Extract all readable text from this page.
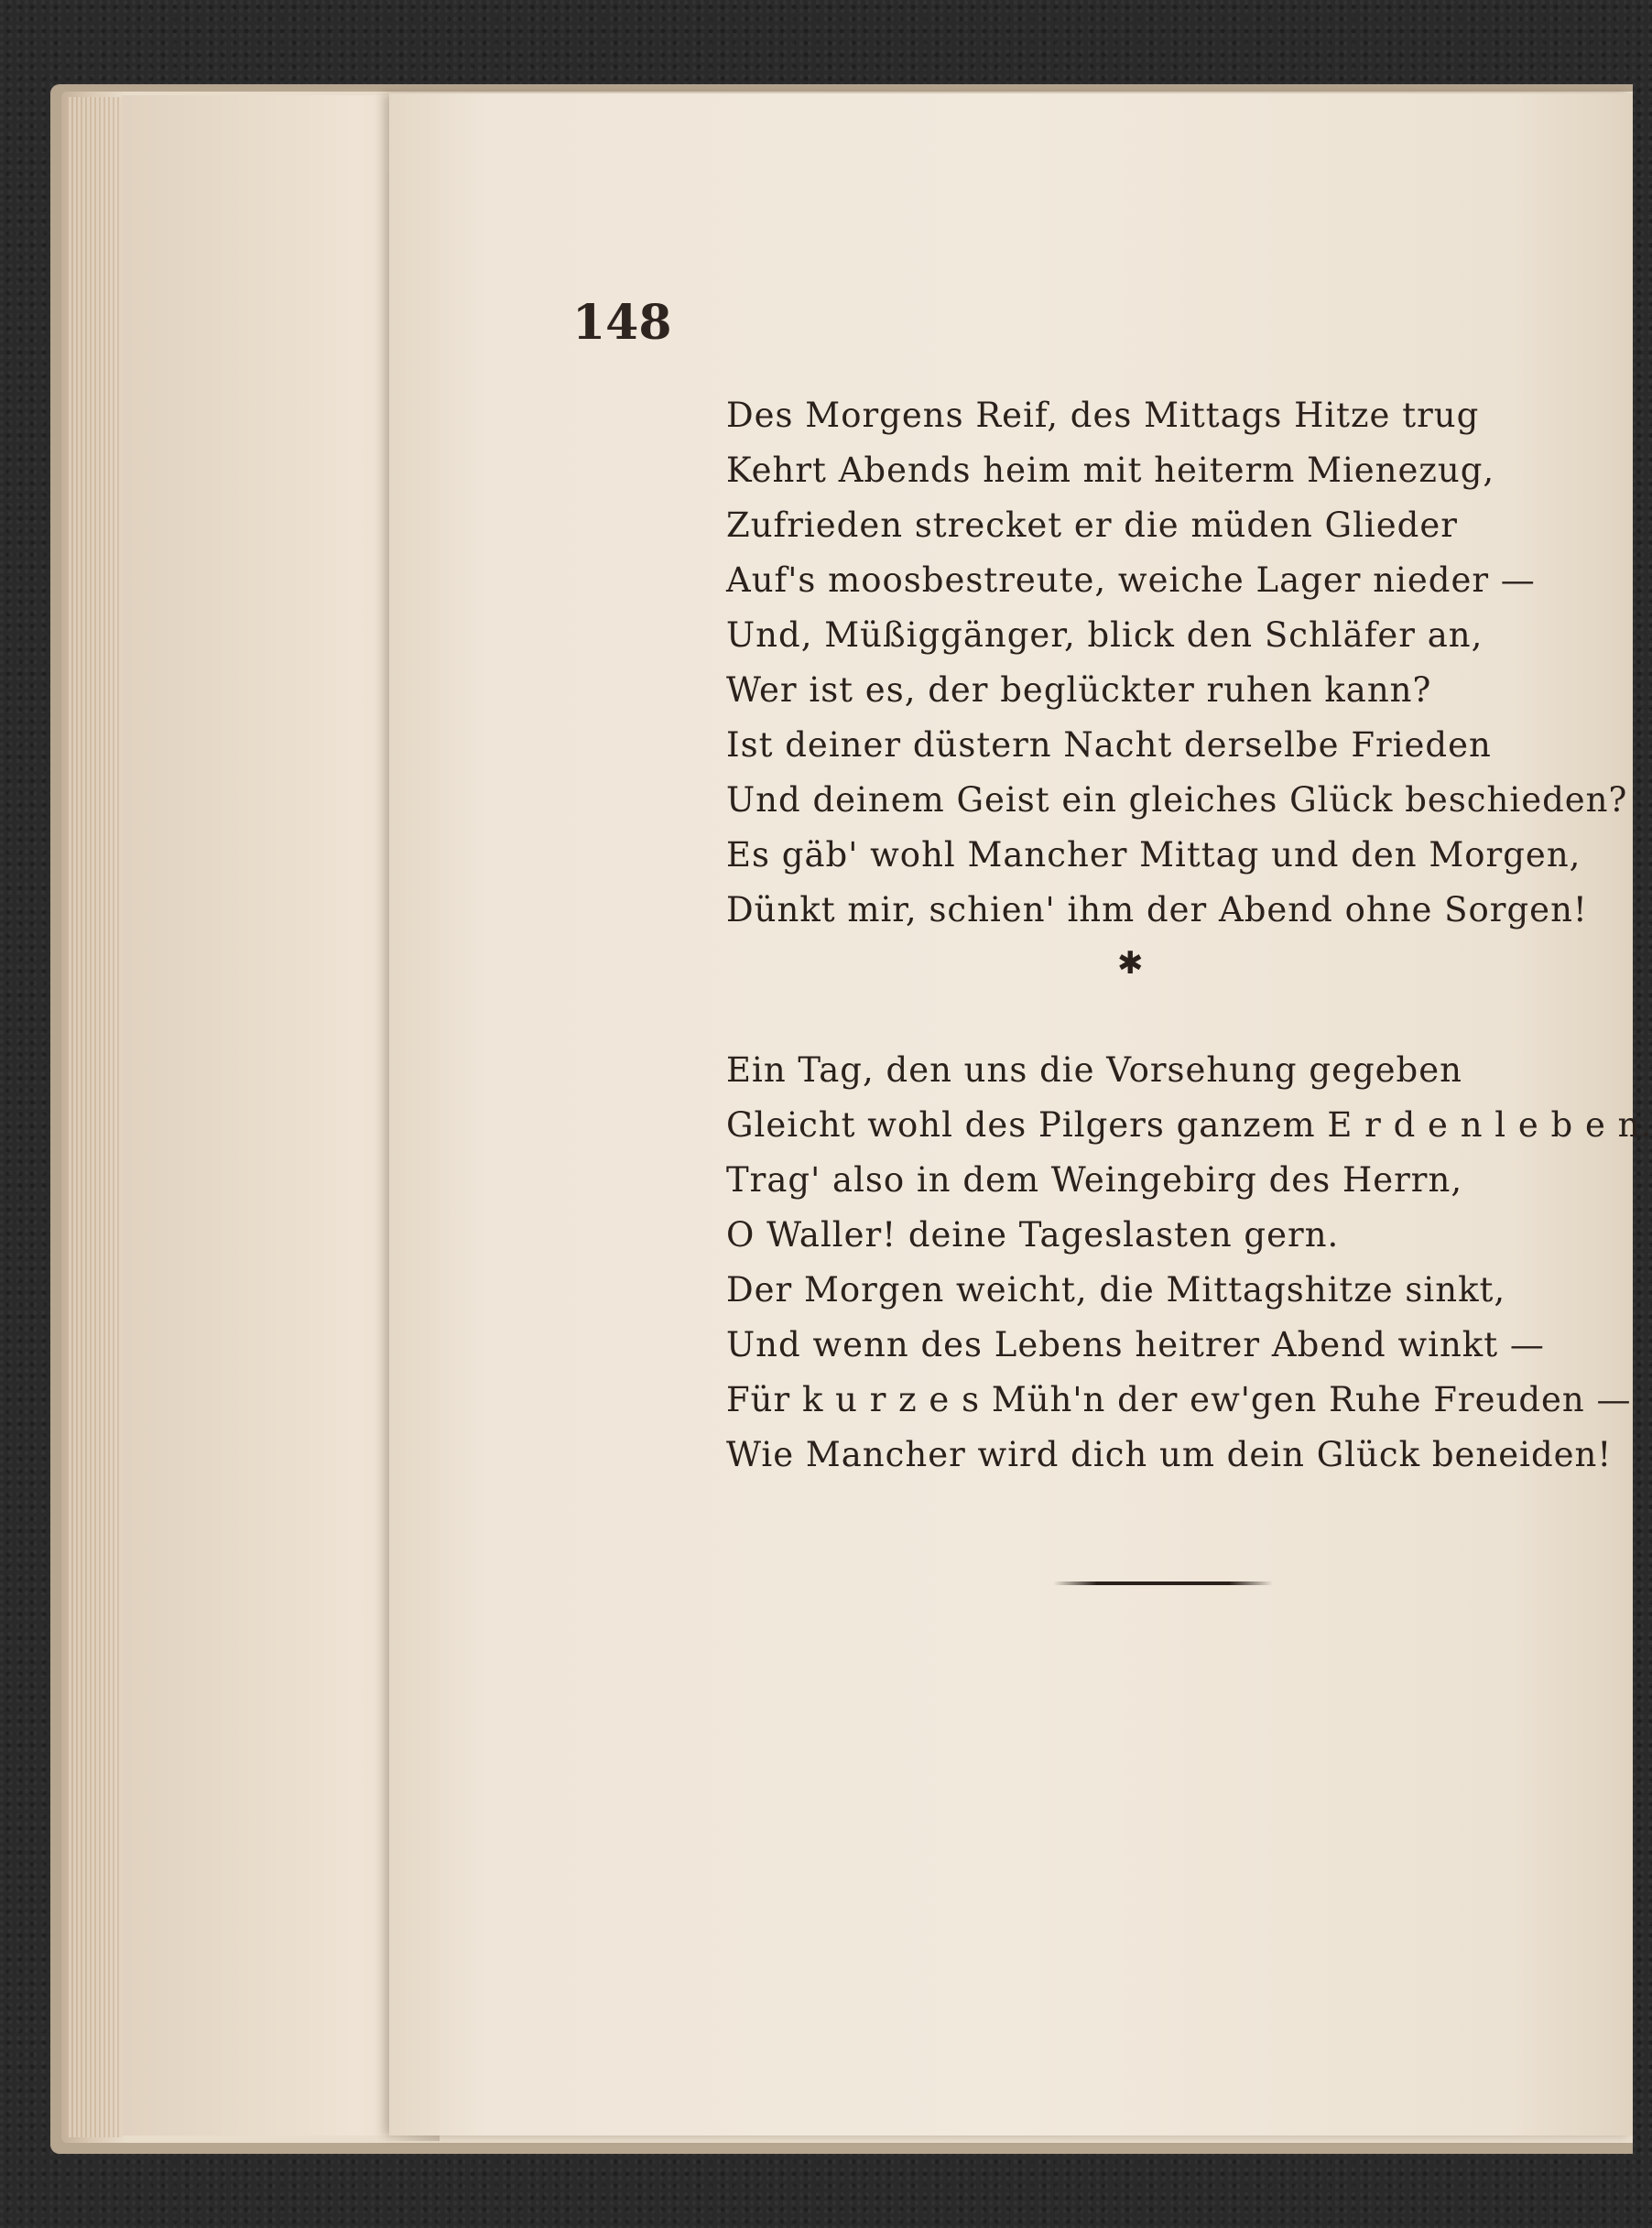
148
Des Morgens Reif, des Mittags Hitze trug
Kehrt Abends heim mit heiterm Mienezug,
Zufrieden strecket er die müden Glieder
Auf's moosbestreute, weiche Lager nieder —
Und, Müßiggänger, blick den Schläfer an,
Wer ist es, der beglückter ruhen kann?
Ist deiner düstern Nacht derselbe Frieden
Und deinem Geist ein gleiches Glück beschieden?
Es gäb' wohl Mancher Mittag und den Morgen,
Dünkt mir, schien' ihm der Abend ohne Sorgen!
✱
Ein Tag, den uns die Vorsehung gegeben
Gleicht wohl des Pilgers ganzem E r d e n l e b e n.
Trag' also in dem Weingebirg des Herrn,
O Waller! deine Tageslasten gern.
Der Morgen weicht, die Mittagshitze sinkt,
Und wenn des Lebens heitrer Abend winkt —
Für k u r z e s Müh'n der ew'gen Ruhe Freuden —
Wie Mancher wird dich um dein Glück beneiden!
